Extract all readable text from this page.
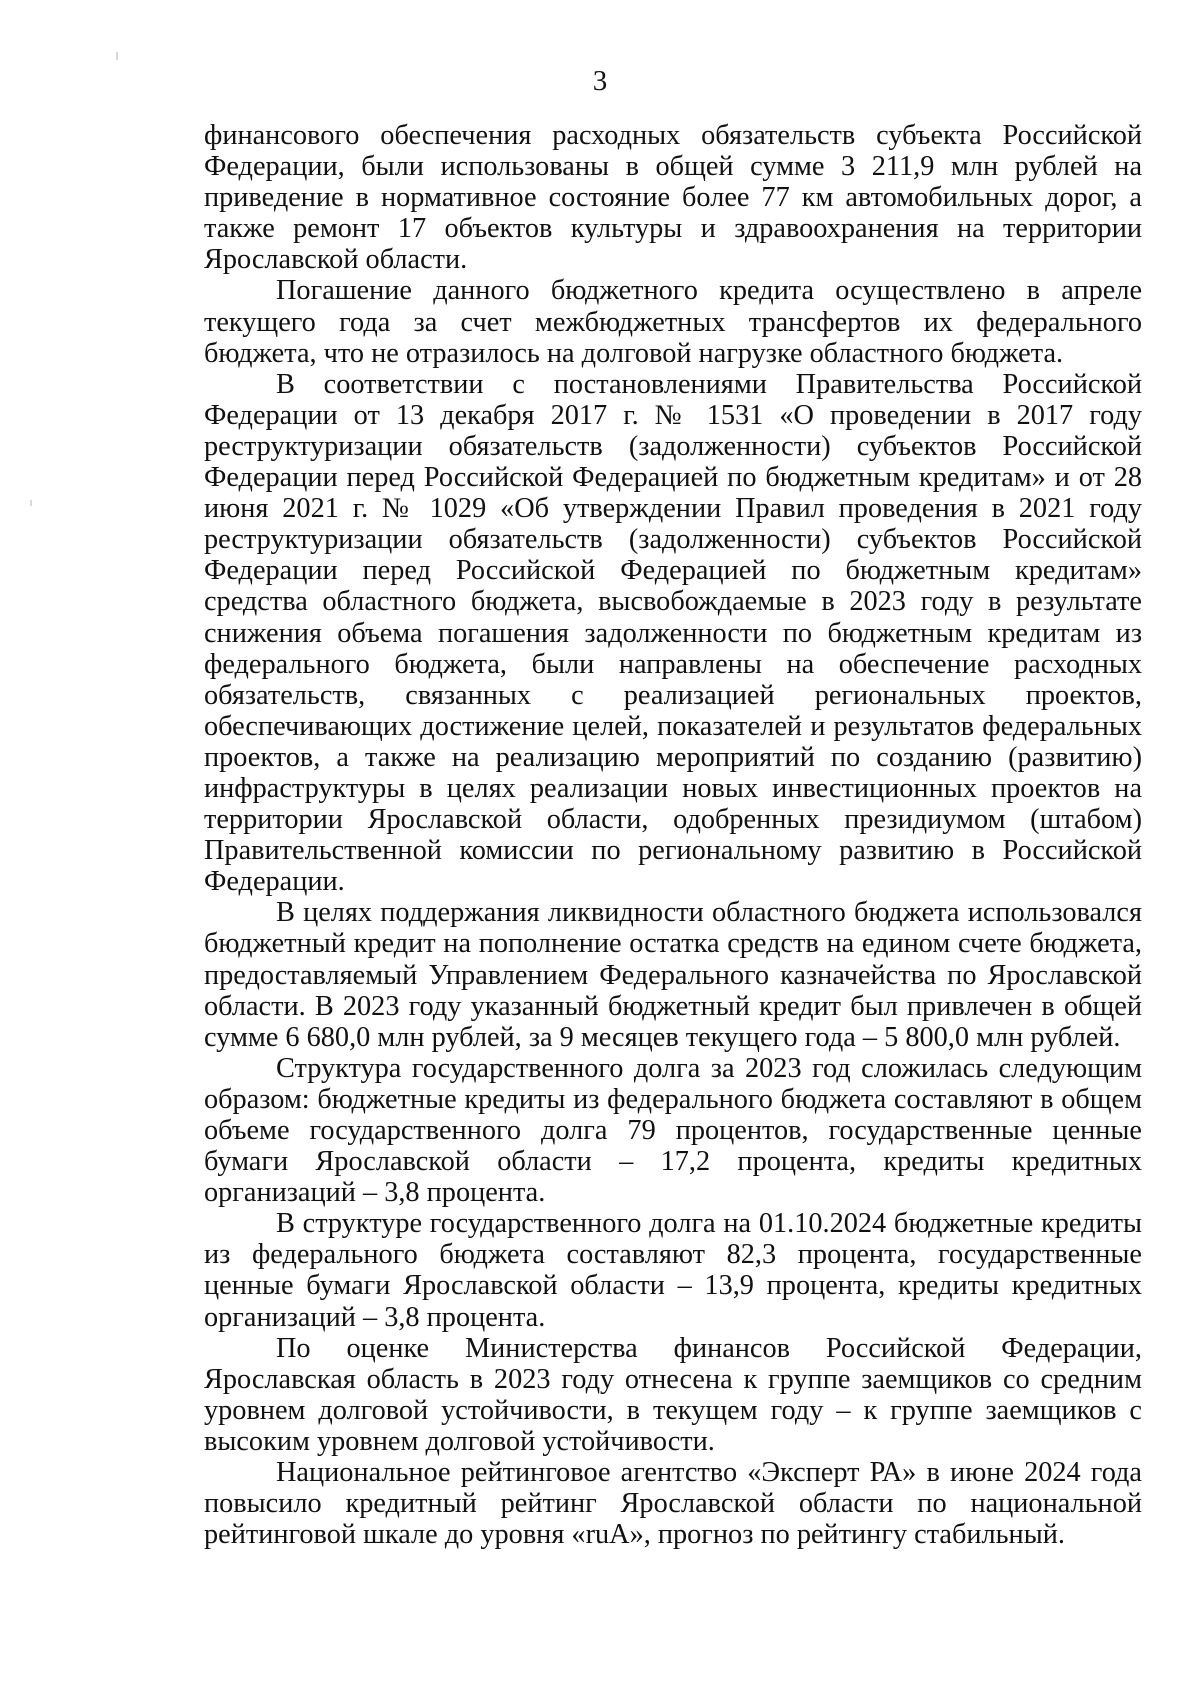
3

финансового обеспечения расходных обязательств субъекта Российской Федерации, были использованы в общей сумме 3 211,9 млн рублей на приведение в нормативное состояние более 77 км автомобильных дорог, а также ремонт 17 объектов культуры и здравоохранения на территории Ярославской области.

Погашение данного бюджетного кредита осуществлено в апреле текущего года за счет межбюджетных трансфертов их федерального бюджета, что не отразилось на долговой нагрузке областного бюджета.

В соответствии с постановлениями Правительства Российской Федерации от 13 декабря 2017 г. № 1531 «О проведении в 2017 году реструктуризации обязательств (задолженности) субъектов Российской Федерации перед Российской Федерацией по бюджетным кредитам» и от 28 июня 2021 г. № 1029 «Об утверждении Правил проведения в 2021 году реструктуризации обязательств (задолженности) субъектов Российской Федерации перед Российской Федерацией по бюджетным кредитам» средства областного бюджета, высвобождаемые в 2023 году в результате снижения объема погашения задолженности по бюджетным кредитам из федерального бюджета, были направлены на обеспечение расходных обязательств, связанных с реализацией региональных проектов, обеспечивающих достижение целей, показателей и результатов федеральных проектов, а также на реализацию мероприятий по созданию (развитию) инфраструктуры в целях реализации новых инвестиционных проектов на территории Ярославской области, одобренных президиумом (штабом) Правительственной комиссии по региональному развитию в Российской Федерации.

В целях поддержания ликвидности областного бюджета использовался бюджетный кредит на пополнение остатка средств на едином счете бюджета, предоставляемый Управлением Федерального казначейства по Ярославской области. В 2023 году указанный бюджетный кредит был привлечен в общей сумме 6 680,0 млн рублей, за 9 месяцев текущего года – 5 800,0 млн рублей.

Структура государственного долга за 2023 год сложилась следующим образом: бюджетные кредиты из федерального бюджета составляют в общем объеме государственного долга 79 процентов, государственные ценные бумаги Ярославской области – 17,2 процента, кредиты кредитных организаций – 3,8 процента.

В структуре государственного долга на 01.10.2024 бюджетные кредиты из федерального бюджета составляют 82,3 процента, государственные ценные бумаги Ярославской области – 13,9 процента, кредиты кредитных организаций – 3,8 процента.

По оценке Министерства финансов Российской Федерации, Ярославская область в 2023 году отнесена к группе заемщиков со средним уровнем долговой устойчивости, в текущем году – к группе заемщиков с высоким уровнем долговой устойчивости.

Национальное рейтинговое агентство «Эксперт РА» в июне 2024 года повысило кредитный рейтинг Ярославской области по национальной рейтинговой шкале до уровня «ruA», прогноз по рейтингу стабильный.
